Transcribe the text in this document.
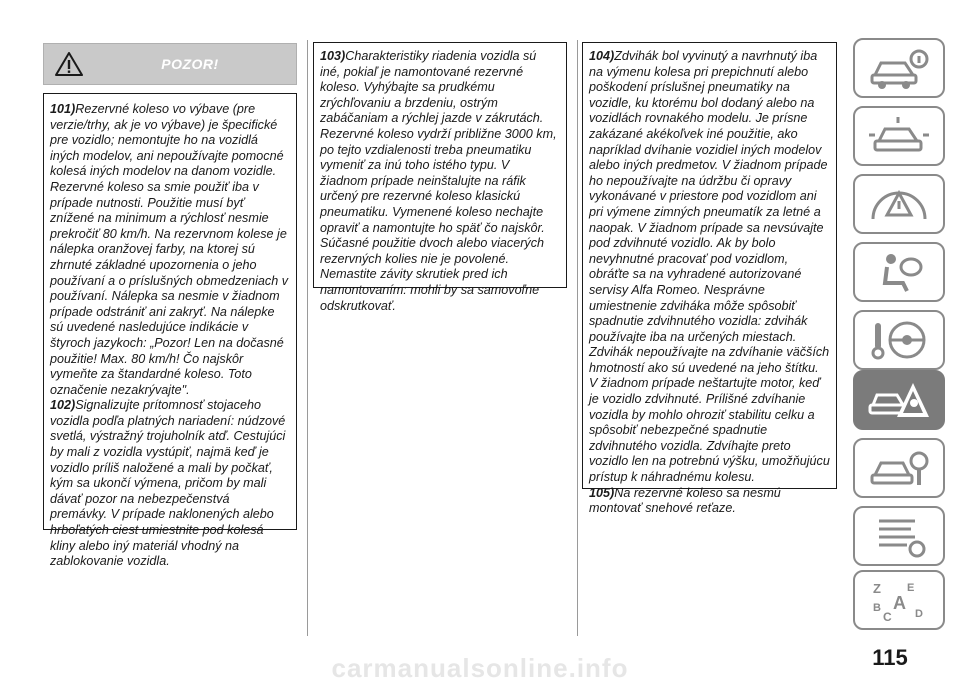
POZOR!

101)Rezervné koleso vo výbave (pre verzie/trhy, ak je vo výbave) je špecifické pre vozidlo; nemontujte ho na vozidlá iných modelov, ani nepoužívajte pomocné kolesá iných modelov na danom vozidle. Rezervné koleso sa smie použiť iba v prípade nutnosti. Použitie musí byť znížené na minimum a rýchlosť nesmie prekročiť 80 km/h. Na rezervnom kolese je nálepka oranžovej farby, na ktorej sú zhrnuté základné upozornenia o jeho používaní a o príslušných obmedzeniach v používaní. Nálepka sa nesmie v žiadnom prípade odstrániť ani zakryť. Na nálepke sú uvedené nasledujúce indikácie v štyroch jazykoch: „Pozor! Len na dočasné použitie! Max. 80 km/h! Čo najskôr vymeňte za štandardné koleso. Toto označenie nezakrývajte".

102)Signalizujte prítomnosť stojaceho vozidla podľa platných nariadení: núdzové svetlá, výstražný trojuholník atď. Cestujúci by mali z vozidla vystúpiť, najmä keď je vozidlo príliš naložené a mali by počkať, kým sa ukončí výmena, pričom by mali dávať pozor na nebezpečenstvá premávky. V prípade naklonených alebo hrboľatých ciest umiestnite pod kolesá kliny alebo iný materiál vhodný na zablokovanie vozidla.

103)Charakteristiky riadenia vozidla sú iné, pokiaľ je namontované rezervné koleso. Vyhýbajte sa prudkému zrýchľovaniu a brzdeniu, ostrým zabáčaniam a rýchlej jazde v zákrutách. Rezervné koleso vydrží približne 3000 km, po tejto vzdialenosti treba pneumatiku vymeniť za inú toho istého typu. V žiadnom prípade neinštalujte na ráfik určený pre rezervné koleso klasickú pneumatiku. Vymenené koleso nechajte opraviť a namontujte ho späť čo najskôr. Súčasné použitie dvoch alebo viacerých rezervných kolies nie je povolené. Nemastite závity skrutiek pred ich namontovaním: mohli by sa samovoľne odskrutkovať.

104)Zdvihák bol vyvinutý a navrhnutý iba na výmenu kolesa pri prepichnutí alebo poškodení príslušnej pneumatiky na vozidle, ku ktorému bol dodaný alebo na vozidlách rovnakého modelu. Je prísne zakázané akékoľvek iné použitie, ako napríklad dvíhanie vozidiel iných modelov alebo iných predmetov. V žiadnom prípade ho nepoužívajte na údržbu či opravy vykonávané v priestore pod vozidlom ani pri výmene zimných pneumatík za letné a naopak. V žiadnom prípade sa nevsúvajte pod zdvihnuté vozidlo. Ak by bolo nevyhnutné pracovať pod vozidlom, obráťte sa na vyhradené autorizované servisy Alfa Romeo. Nesprávne umiestnenie zdviháka môže spôsobiť spadnutie zdvihnutého vozidla: zdvihák používajte iba na určených miestach. Zdvihák nepoužívajte na zdvíhanie väčších hmotností ako sú uvedené na jeho štítku. V žiadnom prípade neštartujte motor, keď je vozidlo zdvihnuté. Prílišné zdvíhanie vozidla by mohlo ohroziť stabilitu celku a spôsobiť nebezpečné spadnutie zdvihnutého vozidla. Zdvíhajte preto vozidlo len na potrebnú výšku, umožňujúcu prístup k náhradnému kolesu.

105)Na rezervné koleso sa nesmú montovať snehové reťaze.

Z E
B A
D
C
115
carmanualsonline.info
